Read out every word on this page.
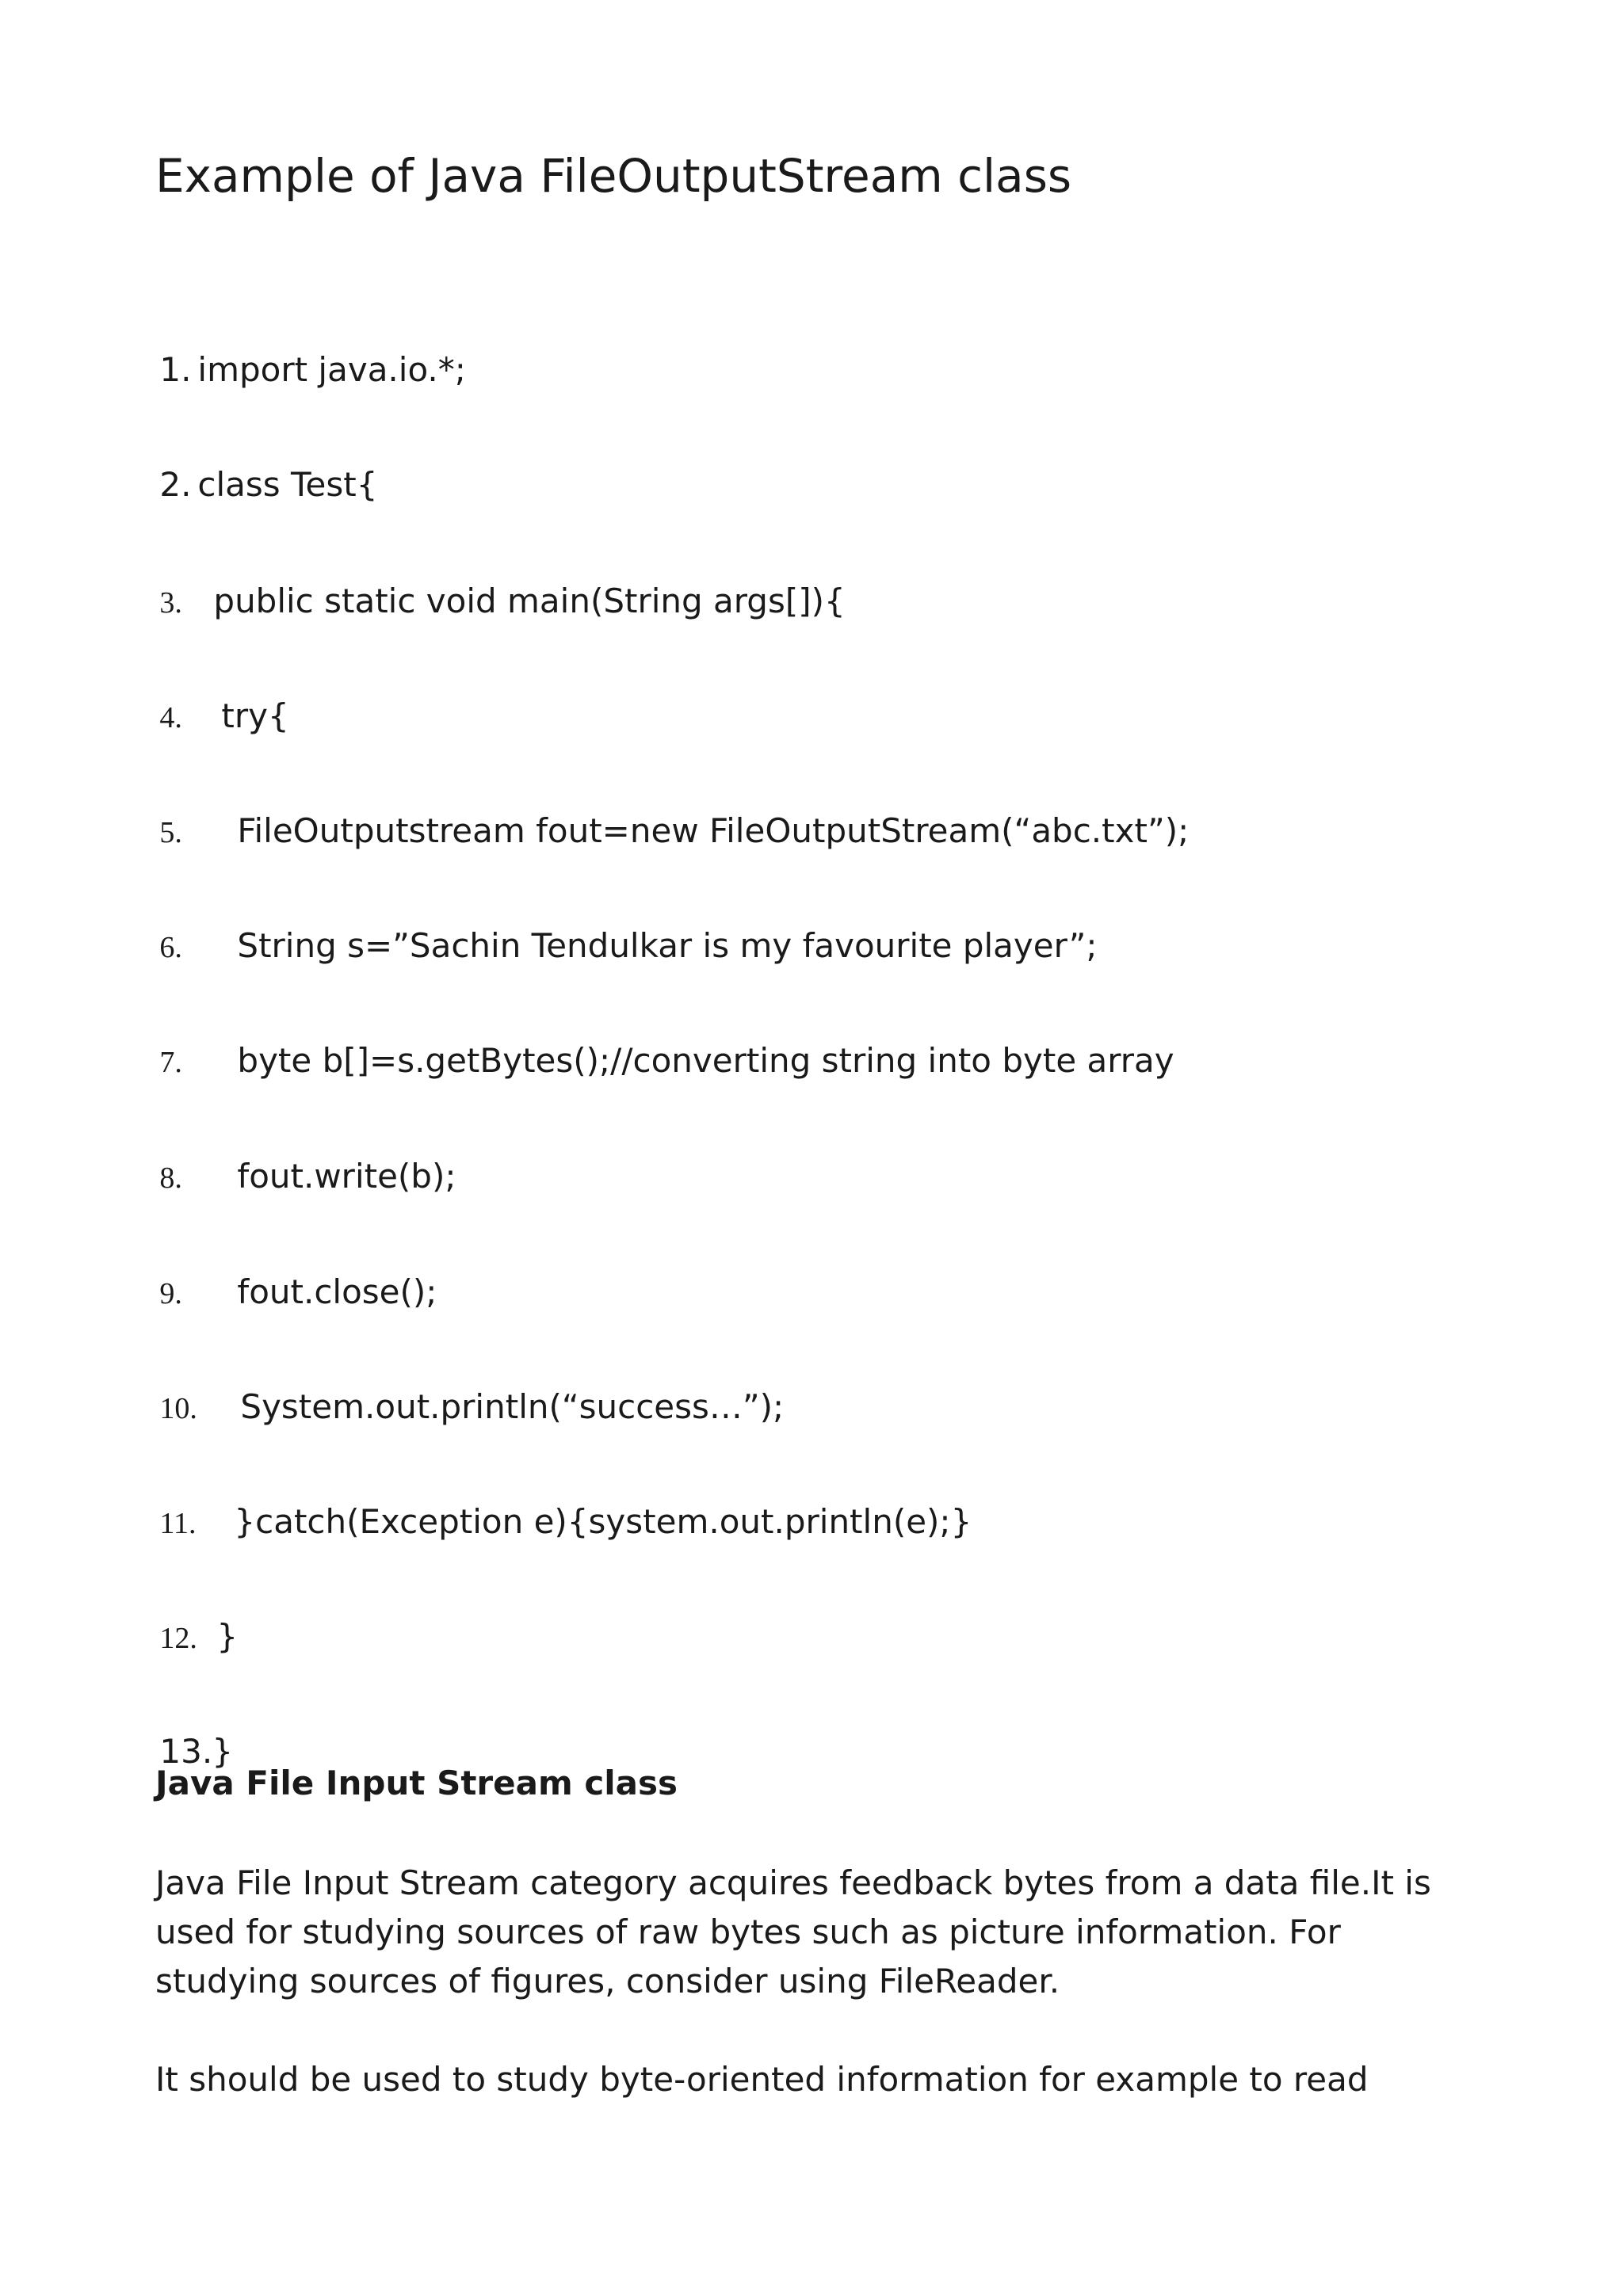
Example of Java FileOutputStream class

1. import java.io.*;

2. class Test{

3. public static void main(String args[]){

4. try{

5. FileOutputstream fout=new FileOutputStream(“abc.txt”);

6. String s=”Sachin Tendulkar is my favourite player”;

7. byte b[]=s.getBytes();//converting string into byte array

8. fout.write(b);

9. fout.close();

10. System.out.println(“success…”);

11. }catch(Exception e){system.out.println(e);}

12. }

13.}

Java File Input Stream class

Java File Input Stream category acquires feedback bytes from a data file.It is used for studying sources of raw bytes such as picture information. For studying sources of figures, consider using FileReader.

It should be used to study byte-oriented information for example to read
